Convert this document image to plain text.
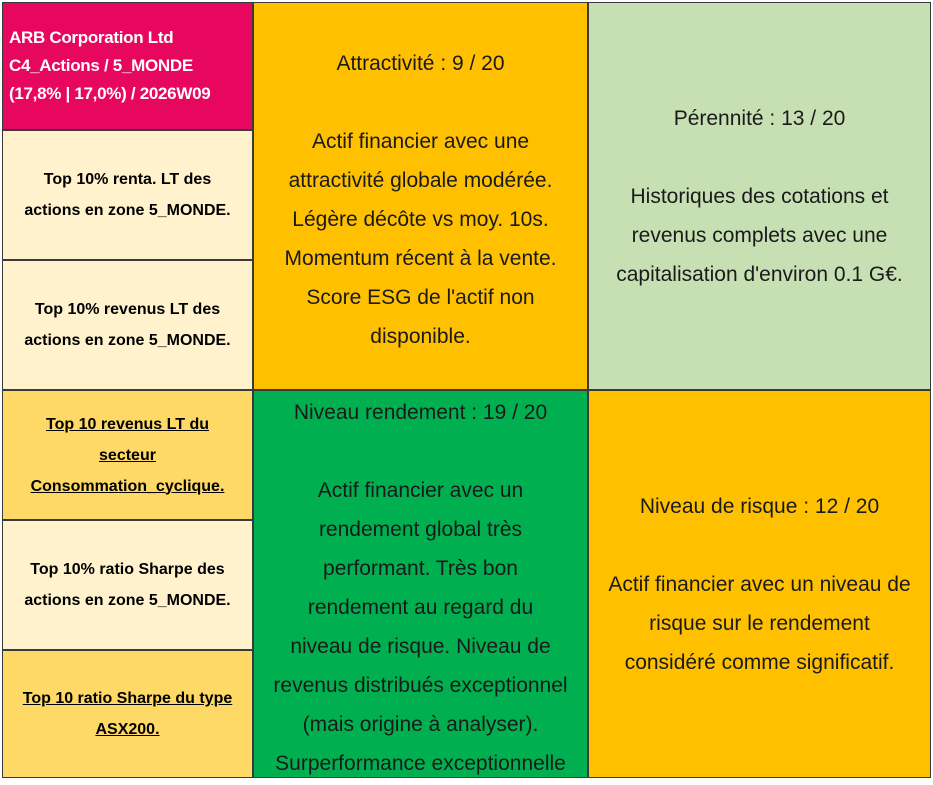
ARB Corporation Ltd
C4_Actions / 5_MONDE
(17,8% | 17,0%) / 2026W09
Top 10% renta. LT des
actions en zone 5_MONDE.
Top 10% revenus LT des
actions en zone 5_MONDE.
Top 10 revenus LT du
secteur
Consommation_cyclique.
Top 10% ratio Sharpe des
actions en zone 5_MONDE.
Top 10 ratio Sharpe du type
ASX200.
Attractivité : 9 / 20
Actif financier avec une
attractivité globale modérée.
Légère décôte vs moy. 10s.
Momentum récent à la vente.
Score ESG de l'actif non
disponible.
Pérennité : 13 / 20
Historiques des cotations et
revenus complets avec une
capitalisation d'environ 0.1 G€.
Niveau rendement : 19 / 20
Actif financier avec un
rendement global très
performant. Très bon
rendement au regard du
niveau de risque. Niveau de
revenus distribués exceptionnel
(mais origine à analyser).
Surperformance exceptionnelle
Niveau de risque : 12 / 20
Actif financier avec un niveau de
risque sur le rendement
considéré comme significatif.
